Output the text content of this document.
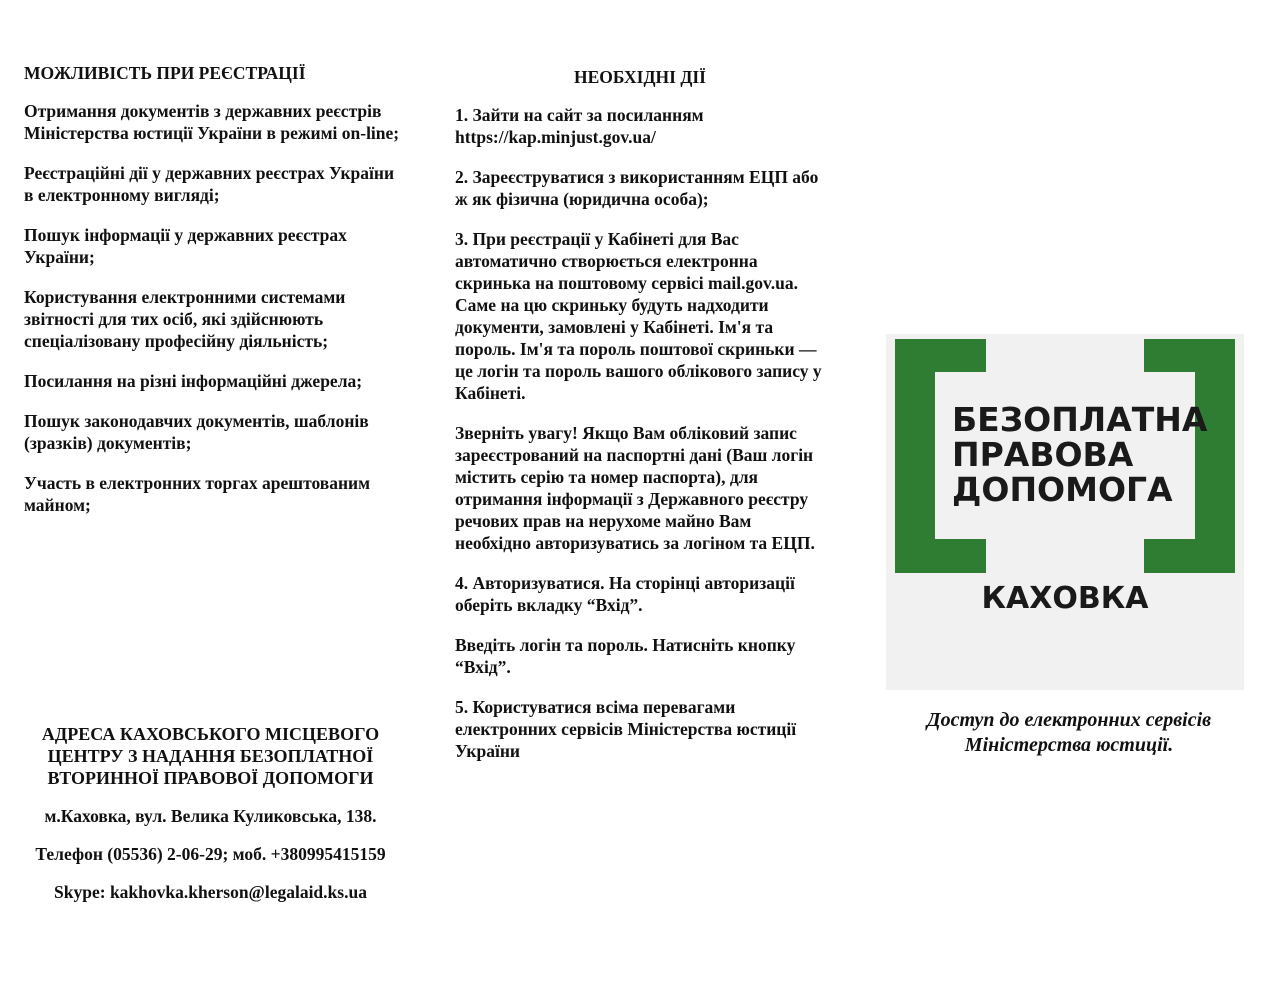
МОЖЛИВІСТЬ ПРИ РЕЄСТРАЦІЇ

Отримання документів з державних реєстрів Міністерства юстиції України в режимі on-line;

Реєстраційні дії у державних реєстрах України в електронному вигляді;

Пошук інформації у державних реєстрах України;

Користування електронними системами звітності для тих осіб, які здійснюють спеціалізовану професійну діяльність;

Посилання на різні інформаційні джерела;

Пошук законодавчих документів, шаблонів (зразків) документів;

Участь в електронних торгах арештованим майном;

АДРЕСА КАХОВСЬКОГО МІСЦЕВОГО ЦЕНТРУ З НАДАННЯ БЕЗОПЛАТНОЇ ВТОРИННОЇ ПРАВОВОЇ ДОПОМОГИ

м.Каховка, вул. Велика Куликовська, 138.

Телефон (05536) 2-06-29; моб. +380995415159

Skype: kakhovka.kherson@legalaid.ks.ua

НЕОБХІДНІ ДІЇ

1. Зайти на сайт за посиланням https://kap.minjust.gov.ua/

2. Зареєструватися з використанням ЕЦП або ж як фізична (юридична особа);

3. При реєстрації у Кабінеті для Вас автоматично створюється електронна скринька на поштовому сервісі mail.gov.ua. Саме на цю скриньку будуть надходити документи, замовлені у Кабінеті. Ім'я та пороль. Ім'я та пороль поштової скриньки — це логін та пороль вашого облікового запису у Кабінеті.

Зверніть увагу! Якщо Вам обліковий запис зареєстрований на паспортні дані (Ваш логін містить серію та номер паспорта), для отримання інформації з Державного реєстру речових прав на нерухоме майно Вам необхідно авторизуватись за логіном та ЕЦП.

4. Авторизуватися. На сторінці авторизації оберіть вкладку “Вхід”.

Введіть логін та пороль. Натисніть кнопку “Вхід”.

5. Користуватися всіма перевагами електронних сервісів Міністерства юстиції України

БЕЗОПЛАТНА
ПРАВОВА
ДОПОМОГА
КАХОВКА
Доступ до електронних сервісів Міністерства юстиції.
